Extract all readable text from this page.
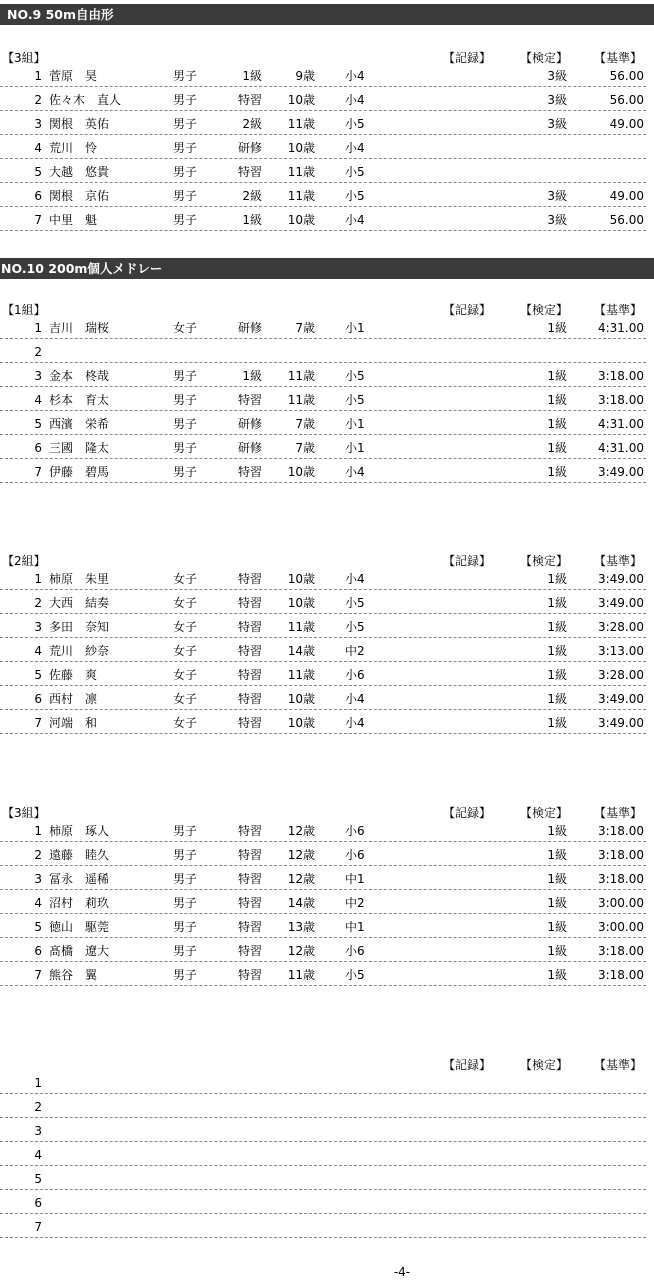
NO.9 50m自由形
NO.10 200m個人メドレー
【3組】	【記録】 【検定】 【基準】
1 菅原　昊	男子	1級	9歳	小4	3級	56.00
2 佐々木　直人	男子	特習	10歳	小4	3級	56.00
3 関根　英佑	男子	2級	11歳	小5	3級	49.00
4 荒川　怜	男子	研修	10歳	小4
5 大越　悠貴	男子	特習	11歳	小5
6 関根　京佑	男子	2級	11歳	小5	3級	49.00
7 中里　魁	男子	1級	10歳	小4	3級	56.00
【1組】	【記録】 【検定】 【基準】
1 吉川　瑞桜	女子	研修	7歳	小1	1級	4:31.00
2
3 金本　柊哉	男子	1級	11歳	小5	1級	3:18.00
4 杉本　育太	男子	特習	11歳	小5	1級	3:18.00
5 西濱　栄希	男子	研修	7歳	小1	1級	4:31.00
6 三國　隆太	男子	研修	7歳	小1	1級	4:31.00
7 伊藤　碧馬	男子	特習	10歳	小4	1級	3:49.00
【2組】	【記録】 【検定】 【基準】
1 柿原　朱里	女子	特習	10歳	小4	1級	3:49.00
2 大西　結奏	女子	特習	10歳	小5	1級	3:49.00
3 多田　奈知	女子	特習	11歳	小5	1級	3:28.00
4 荒川　紗奈	女子	特習	14歳	中2	1級	3:13.00
5 佐藤　爽	女子	特習	11歳	小6	1級	3:28.00
6 西村　凛	女子	特習	10歳	小4	1級	3:49.00
7 河端　和	女子	特習	10歳	小4	1級	3:49.00
【3組】	【記録】 【検定】 【基準】
1 柿原　琢人	男子	特習	12歳	小6	1級	3:18.00
2 遠藤　睦久	男子	特習	12歳	小6	1級	3:18.00
3 冨永　遥稀	男子	特習	12歳	中1	1級	3:18.00
4 沼村　莉玖	男子	特習	14歳	中2	1級	3:00.00
5 徳山　駆莞	男子	特習	13歳	中1	1級	3:00.00
6 髙橋　遼大	男子	特習	12歳	小6	1級	3:18.00
7 熊谷　翼	男子	特習	11歳	小5	1級	3:18.00
【記録】 【検定】 【基準】
1
2
3
4
5
6
7
-4-
